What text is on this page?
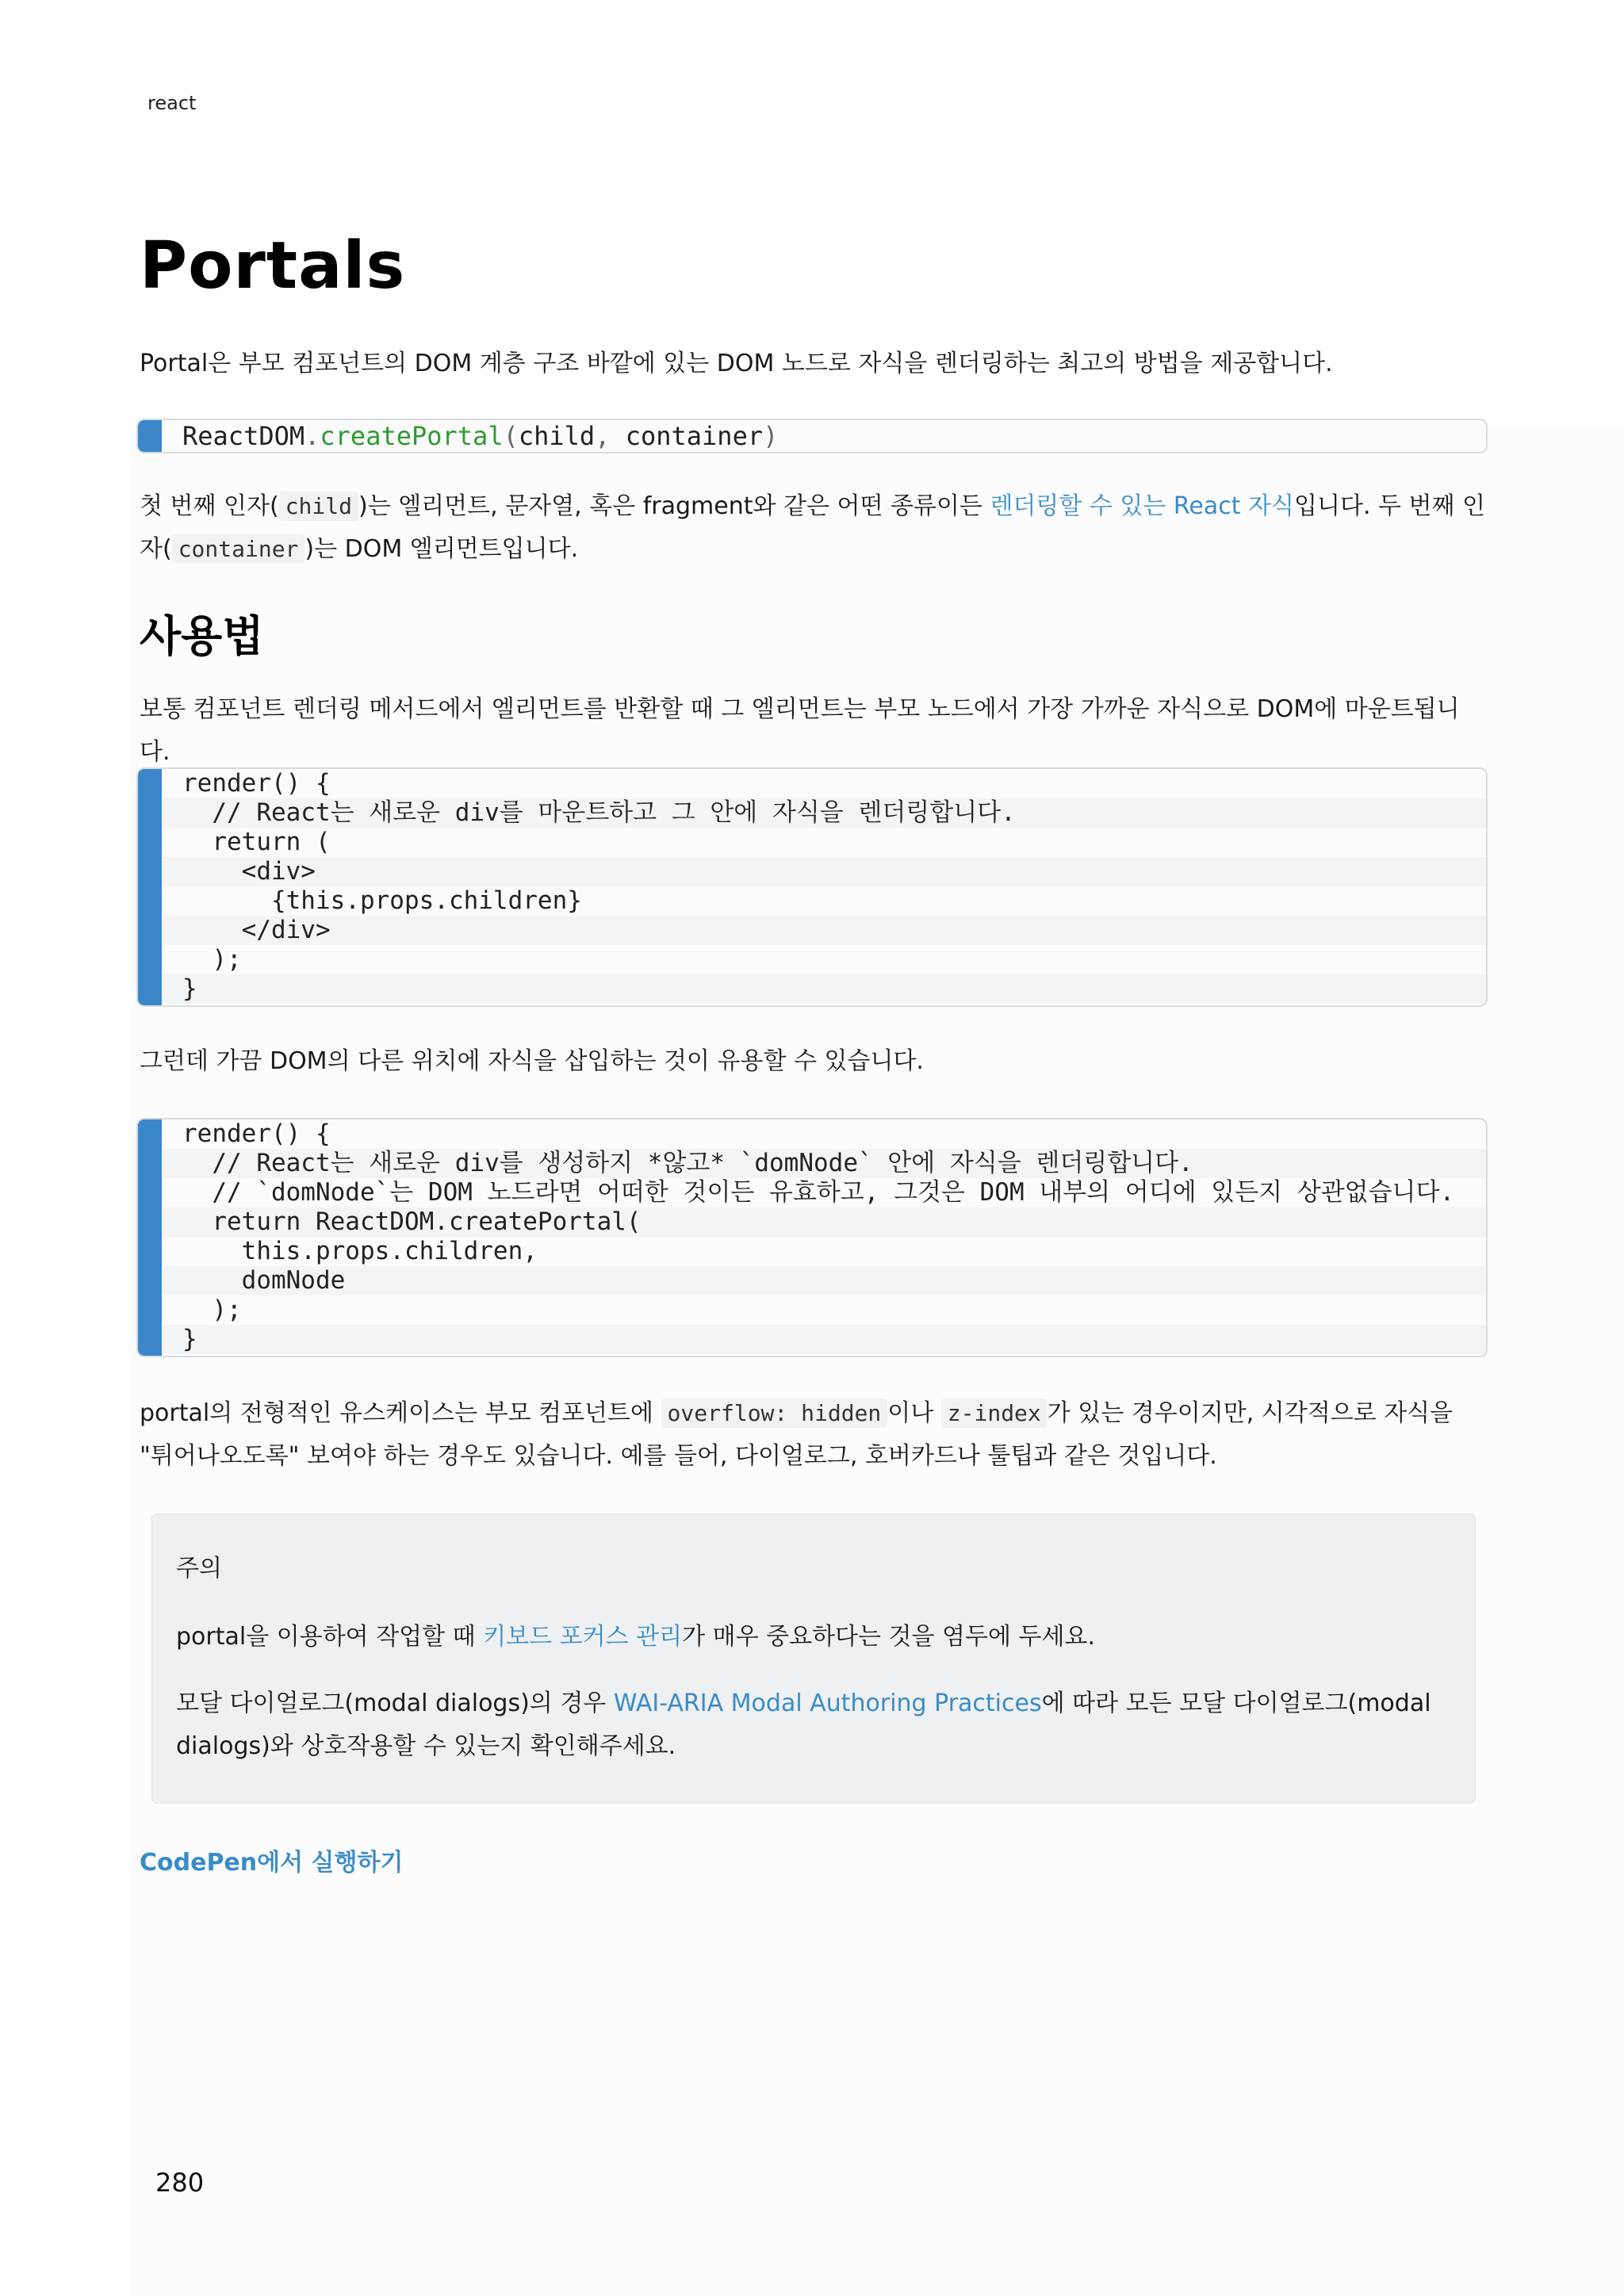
react
Portals
Portal은 부모 컴포넌트의 DOM 계층 구조 바깥에 있는 DOM 노드로 자식을 렌더링하는 최고의 방법을 제공합니다.
ReactDOM.createPortal(child, container)
첫 번째 인자( child )는 엘리먼트, 문자열, 혹은 fragment와 같은 어떤 종류이든 렌더링할 수 있는 React 자식입니다. 두 번째 인자( container )는 DOM 엘리먼트입니다.
사용법
보통 컴포넌트 렌더링 메서드에서 엘리먼트를 반환할 때 그 엘리먼트는 부모 노드에서 가장 가까운 자식으로 DOM에 마운트됩니다.
render() {
// React는 새로운 div를 마운트하고 그 안에 자식을 렌더링합니다.
return (
<div>
{this.props.children}
</div>
);
}
그런데 가끔 DOM의 다른 위치에 자식을 삽입하는 것이 유용할 수 있습니다.
render() {
// React는 새로운 div를 생성하지 *않고* `domNode` 안에 자식을 렌더링합니다.
// `domNode`는 DOM 노드라면 어떠한 것이든 유효하고, 그것은 DOM 내부의 어디에 있든지 상관없습니다.
return ReactDOM.createPortal(
this.props.children,
domNode
);
}
portal의 전형적인 유스케이스는 부모 컴포넌트에 overflow: hidden 이나 z-index 가 있는 경우이지만, 시각적으로 자식을 "튀어나오도록" 보여야 하는 경우도 있습니다. 예를 들어, 다이얼로그, 호버카드나 툴팁과 같은 것입니다.
주의
portal을 이용하여 작업할 때 키보드 포커스 관리가 매우 중요하다는 것을 염두에 두세요.
모달 다이얼로그(modal dialogs)의 경우 WAI-ARIA Modal Authoring Practices에 따라 모든 모달 다이얼로그(modal dialogs)와 상호작용할 수 있는지 확인해주세요.
CodePen에서 실행하기
280
